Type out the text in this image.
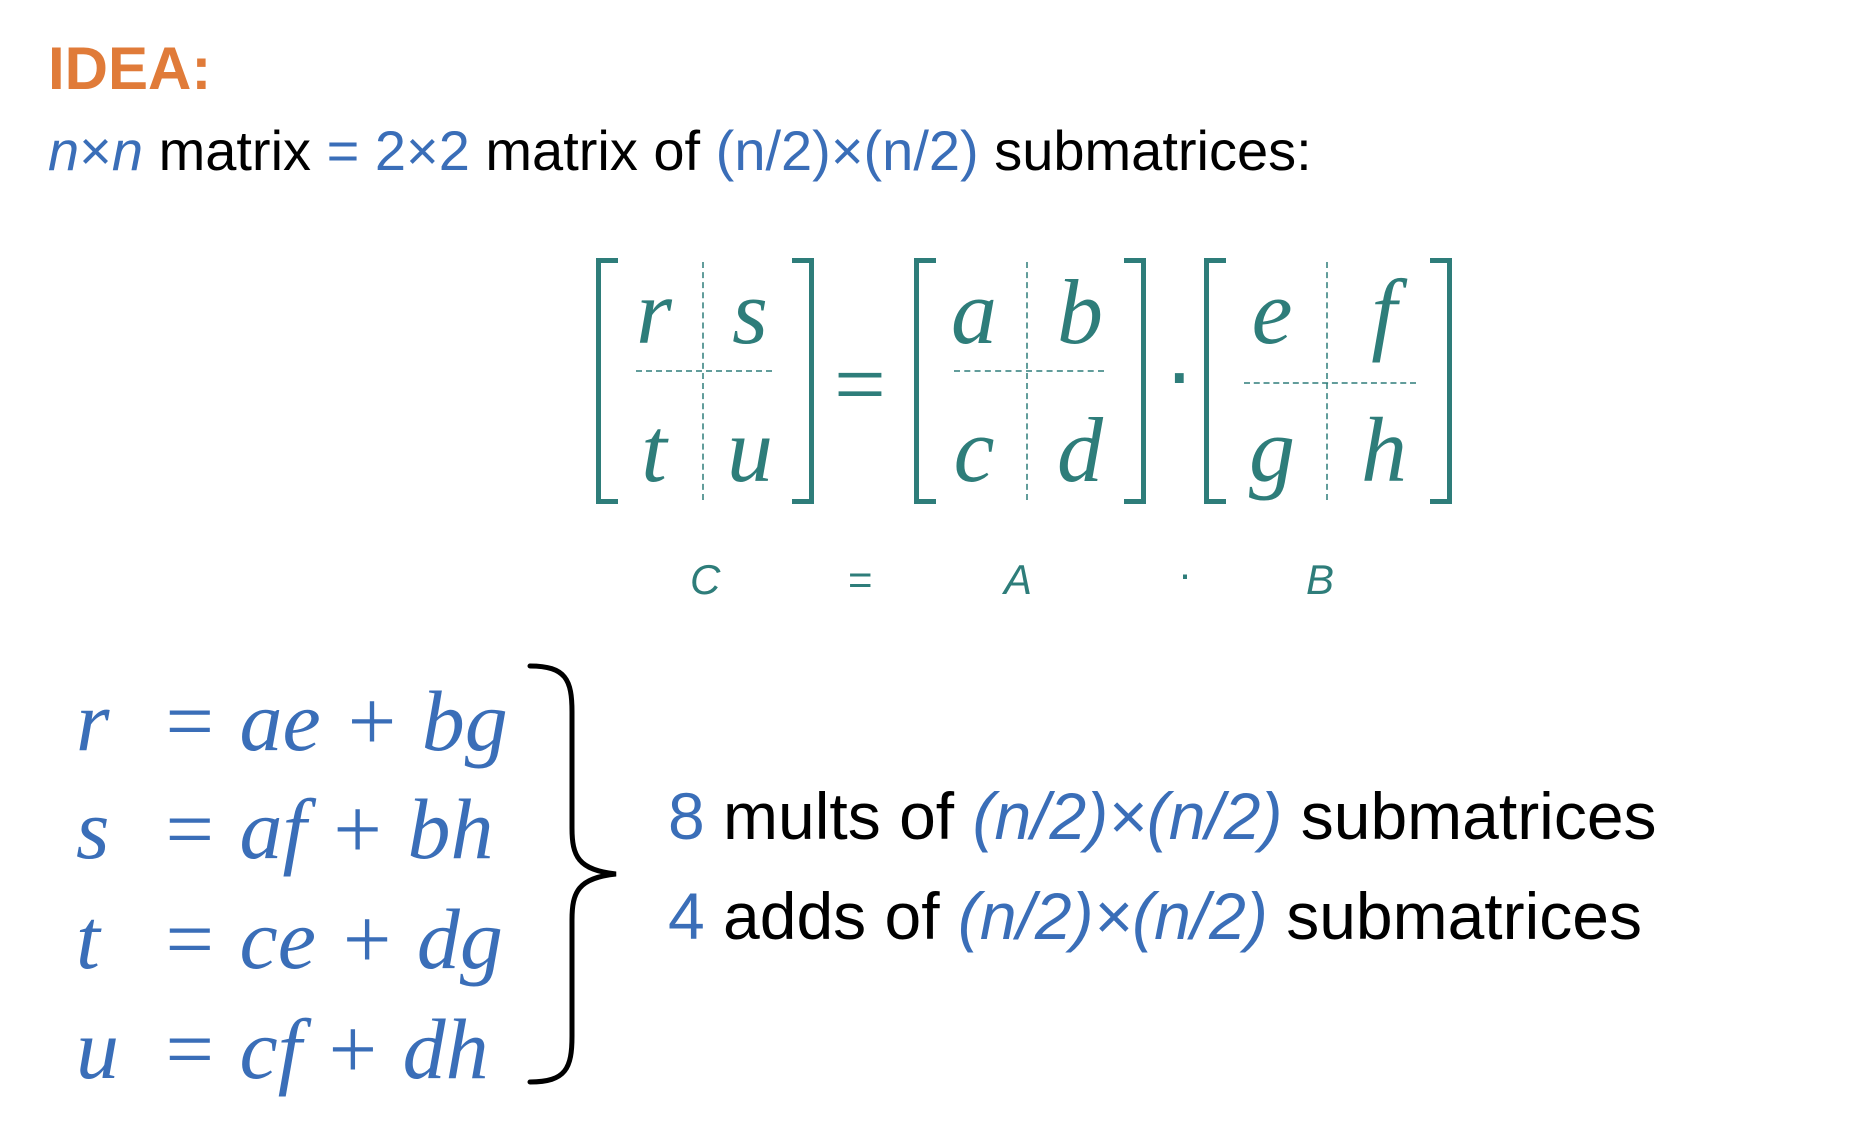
IDEA:
n×n matrix = 2×2 matrix of (n/2)×(n/2) submatrices:
r s
t u
=
a b
c d
·
e f
g h
C	=	A	·	B
r = ae + bg
s = af + bh
t = ce + dg
u = cf + dh
8 mults of (n/2)×(n/2) submatrices
4 adds of (n/2)×(n/2) submatrices
